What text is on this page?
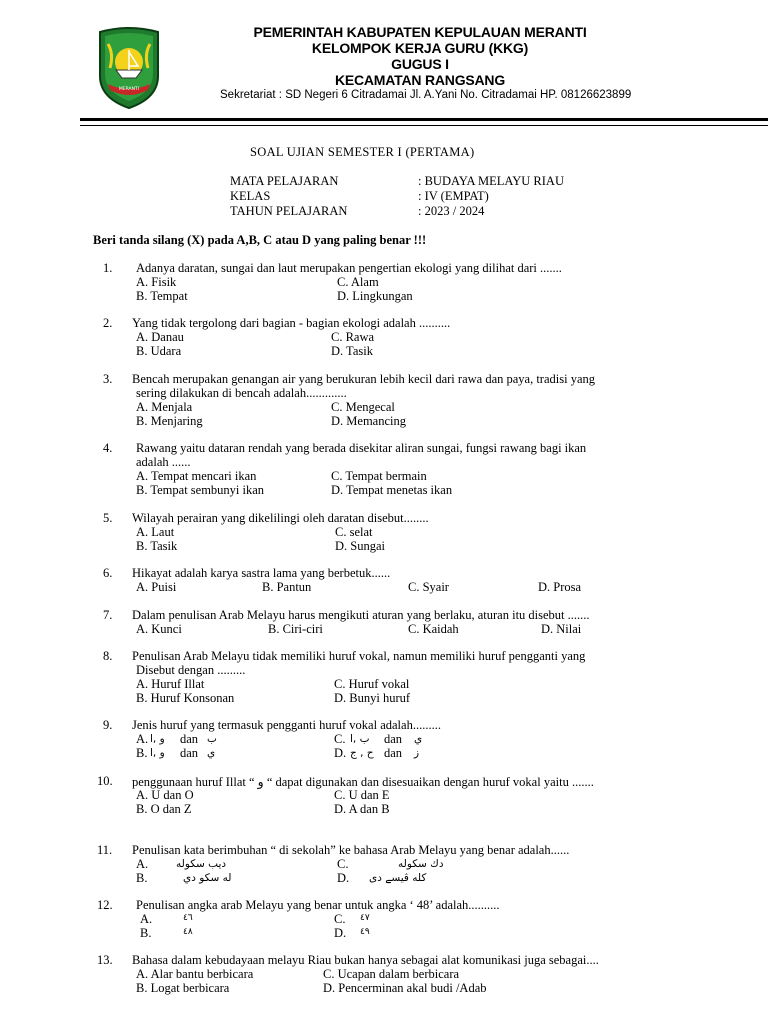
MERANTI
PEMERINTAH KABUPATEN KEPULAUAN MERANTI
KELOMPOK KERJA GURU (KKG)
GUGUS I
KECAMATAN RANGSANG
Sekretariat : SD Negeri 6 Citradamai Jl. A.Yani No. Citradamai HP. 08126623899
SOAL UJIAN SEMESTER I (PERTAMA)
MATA PELAJARAN	: BUDAYA MELAYU RIAU
KELAS	: IV (EMPAT)
TAHUN PELAJARAN	: 2023 / 2024
Beri tanda silang (X) pada A,B, C atau D yang paling benar !!!
1. Adanya daratan, sungai dan laut merupakan pengertian ekologi yang dilihat dari .......
A. Fisik	C. Alam
B. Tempat	D. Lingkungan
2. Yang tidak tergolong dari bagian - bagian ekologi adalah ..........
A. Danau	C. Rawa
B. Udara	D. Tasik
3. Bencah merupakan genangan air yang berukuran lebih kecil dari rawa dan paya, tradisi yang
sering dilakukan di bencah adalah.............
A. Menjala	C. Mengecal
B. Menjaring	D. Memancing
4. Rawang yaitu dataran rendah yang berada disekitar aliran sungai, fungsi rawang bagi ikan
adalah ......
A. Tempat mencari ikan	C. Tempat bermain
B. Tempat sembunyi ikan	D. Tempat menetas ikan
5. Wilayah perairan yang dikelilingi oleh daratan disebut........
A. Laut	C. selat
B. Tasik	D. Sungai
6. Hikayat adalah karya sastra lama yang berbetuk......
A. Puisi	B. Pantun	C. Syair	D. Prosa
7. Dalam penulisan Arab Melayu harus mengikuti aturan yang berlaku, aturan itu disebut .......
A. Kunci	B. Ciri-ciri	C. Kaidah	D. Nilai
8. Penulisan Arab Melayu tidak memiliki huruf vokal, namun memiliki huruf pengganti yang
Disebut dengan .........
A. Huruf Illat	C. Huruf vokal
B. Huruf Konsonan	D. Bunyi huruf
9. Jenis huruf yang termasuk pengganti huruf vokal adalah.........
A. و ,ا dan ب	C. ب ,ا dan ي
B. و ,ا dan ي	D. ح , ج dan ز
10. penggunaan huruf Illat “ و “ dapat digunakan dan disesuaikan dengan huruf vokal yaitu .......
A. U dan O	C. U dan E
B. O dan Z	D. A dan B
11. Penulisan kata berimbuhan “ di sekolah” ke bahasa Arab Melayu yang benar adalah......
A.	ديب سكوله	C.	دك سكوله
B.	له سكو دي	D. كله ڤيسے دى
12. Penulisan angka arab Melayu yang benar untuk angka ‘ 48’ adalah..........
A.	٤٦	C. ٤٧
B.	٤٨	D. ٤٩
13. Bahasa dalam kebudayaan melayu Riau bukan hanya sebagai alat komunikasi juga sebagai....
A. Alar bantu berbicara	C. Ucapan dalam berbicara
B. Logat berbicara	D. Pencerminan akal budi /Adab
